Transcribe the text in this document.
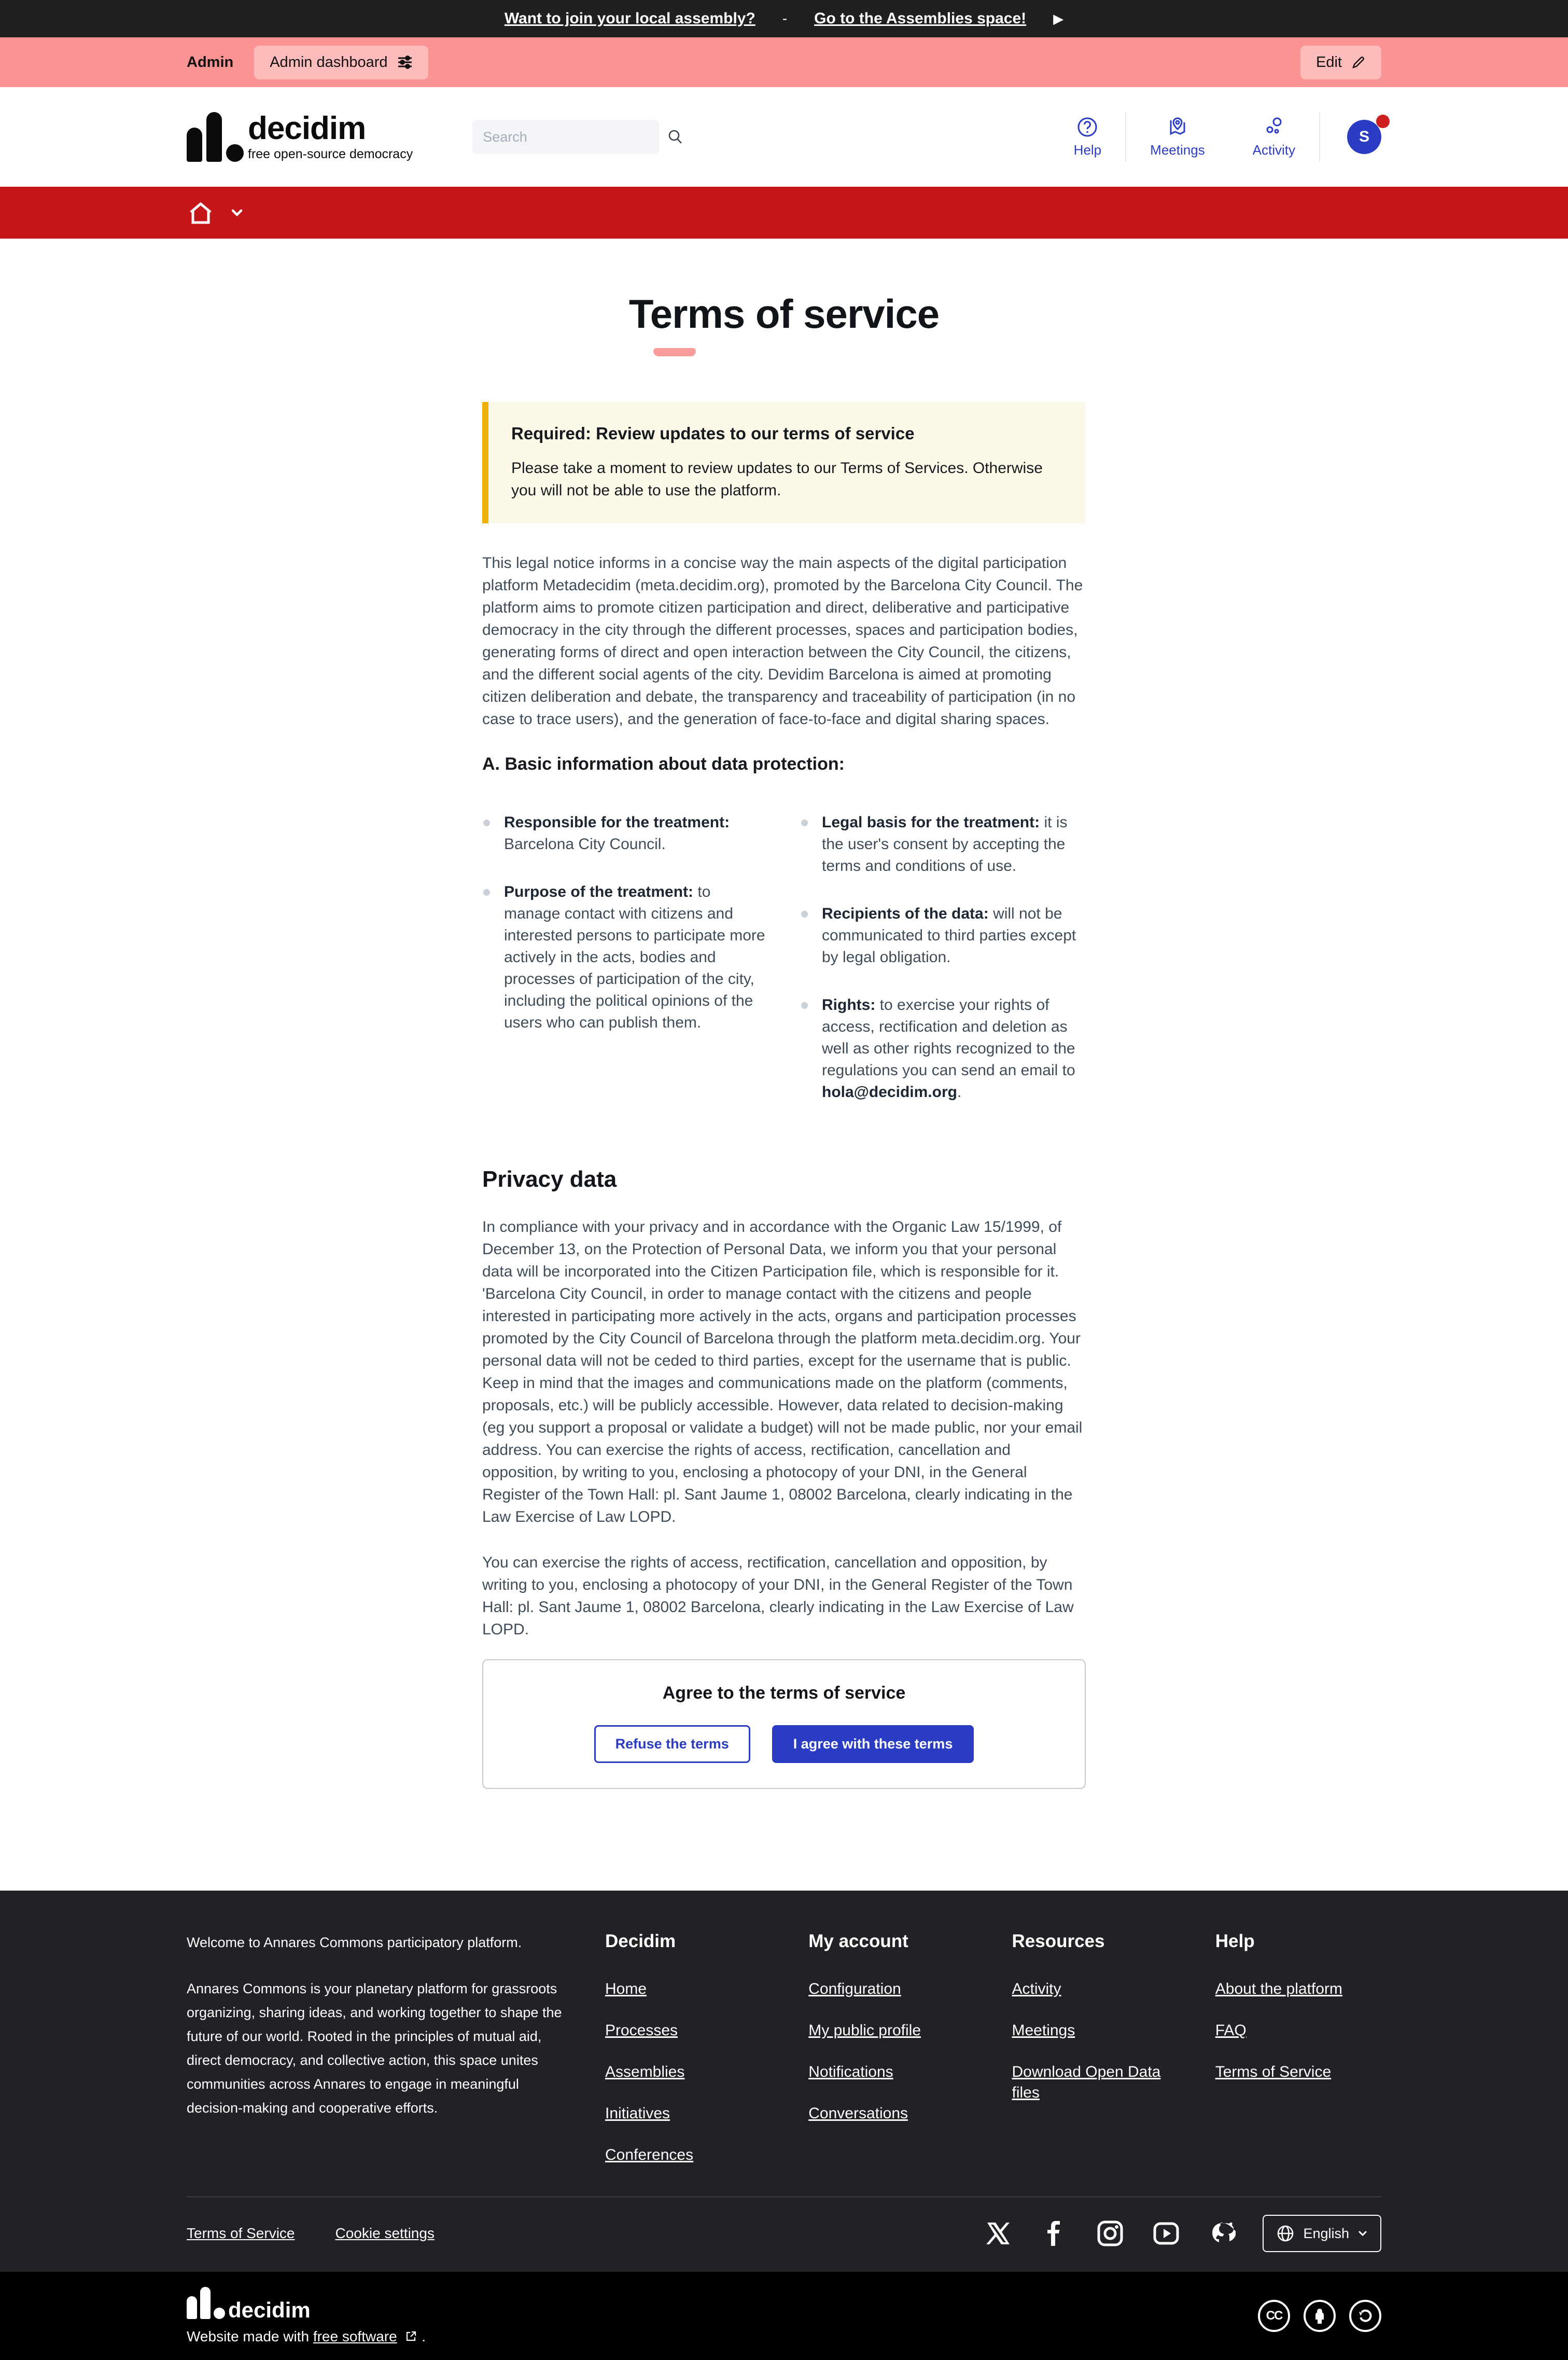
Want to join your local assembly? - Go to the Assemblies space! ▶
Admin Admin dashboard	Edit
decidim
free open-source democracy
Search	Help	Meetings	Activity
S
Terms of service
Required: Review updates to our terms of service

Please take a moment to review updates to our Terms of Services. Otherwise you will not be able to use the platform.

This legal notice informs in a concise way the main aspects of the digital participation platform Metadecidim (meta.decidim.org), promoted by the Barcelona City Council. The platform aims to promote citizen participation and direct, deliberative and participative democracy in the city through the different processes, spaces and participation bodies, generating forms of direct and open interaction between the City Council, the citizens, and the different social agents of the city. Devidim Barcelona is aimed at promoting citizen deliberation and debate, the transparency and traceability of participation (in no case to trace users), and the generation of face-to-face and digital sharing spaces.

A. Basic information about data protection:
Responsible for the treatment: Barcelona City Council.
Purpose of the treatment: to manage contact with citizens and interested persons to participate more actively in the acts, bodies and processes of participation of the city, including the political opinions of the users who can publish them.
Legal basis for the treatment: it is the user's consent by accepting the terms and conditions of use.
Recipients of the data: will not be communicated to third parties except by legal obligation.
Rights: to exercise your rights of access, rectification and deletion as well as other rights recognized to the regulations you can send an email to hola@decidim.org.
Privacy data

In compliance with your privacy and in accordance with the Organic Law 15/1999, of December 13, on the Protection of Personal Data, we inform you that your personal data will be incorporated into the Citizen Participation file, which is responsible for it. 'Barcelona City Council, in order to manage contact with the citizens and people interested in participating more actively in the acts, organs and participation processes promoted by the City Council of Barcelona through the platform meta.decidim.org. Your personal data will not be ceded to third parties, except for the username that is public. Keep in mind that the images and communications made on the platform (comments, proposals, etc.) will be publicly accessible. However, data related to decision-making (eg you support a proposal or validate a budget) will not be made public, nor your email address. You can exercise the rights of access, rectification, cancellation and opposition, by writing to you, enclosing a photocopy of your DNI, in the General Register of the Town Hall: pl. Sant Jaume 1, 08002 Barcelona, clearly indicating in the Law Exercise of Law LOPD.

You can exercise the rights of access, rectification, cancellation and opposition, by writing to you, enclosing a photocopy of your DNI, in the General Register of the Town Hall: pl. Sant Jaume 1, 08002 Barcelona, clearly indicating in the Law Exercise of Law LOPD.

Agree to the terms of service
Refuse the terms	I agree with these terms

Welcome to Annares Commons participatory platform.

Annares Commons is your planetary platform for grassroots organizing, sharing ideas, and working together to shape the future of our world. Rooted in the principles of mutual aid, direct democracy, and collective action, this space unites communities across Annares to engage in meaningful decision-making and cooperative efforts.

Decidim
Home
Processes
Assemblies
Initiatives
Conferences
My account
Configuration
My public profile
Notifications
Conversations
Resources
Activity
Meetings
Download Open Data files
Help
About the platform
FAQ
Terms of Service
Terms of Service	Cookie settings	English
decidim
Website made with free software
.
CC
